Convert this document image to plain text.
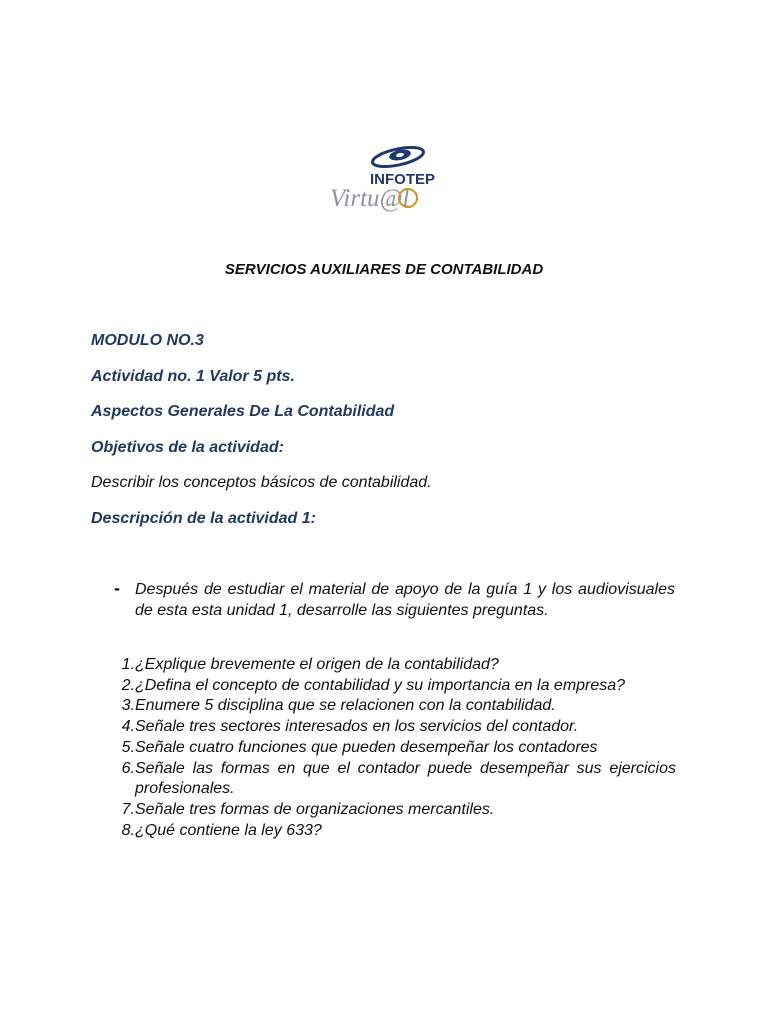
INFOTEP
Virtu@l
SERVICIOS AUXILIARES DE CONTABILIDAD
MODULO NO.3
Actividad no. 1 Valor 5 pts.
Aspectos Generales De La Contabilidad
Objetivos de la actividad:
Describir los conceptos básicos de contabilidad.
Descripción de la actividad 1:
- Después de estudiar el material de apoyo de la guía 1 y los audiovisuales de esta esta unidad 1, desarrolle las siguientes preguntas.
1. ¿Explique brevemente el origen de la contabilidad?
2. ¿Defina el concepto de contabilidad y su importancia en la empresa?
3. Enumere 5 disciplina que se relacionen con la contabilidad.
4. Señale tres sectores interesados en los servicios del contador.
5. Señale cuatro funciones que pueden desempeñar los contadores
6. Señale las formas en que el contador puede desempeñar sus ejercicios profesionales.
7. Señale tres formas de organizaciones mercantiles.
8. ¿Qué contiene la ley 633?
